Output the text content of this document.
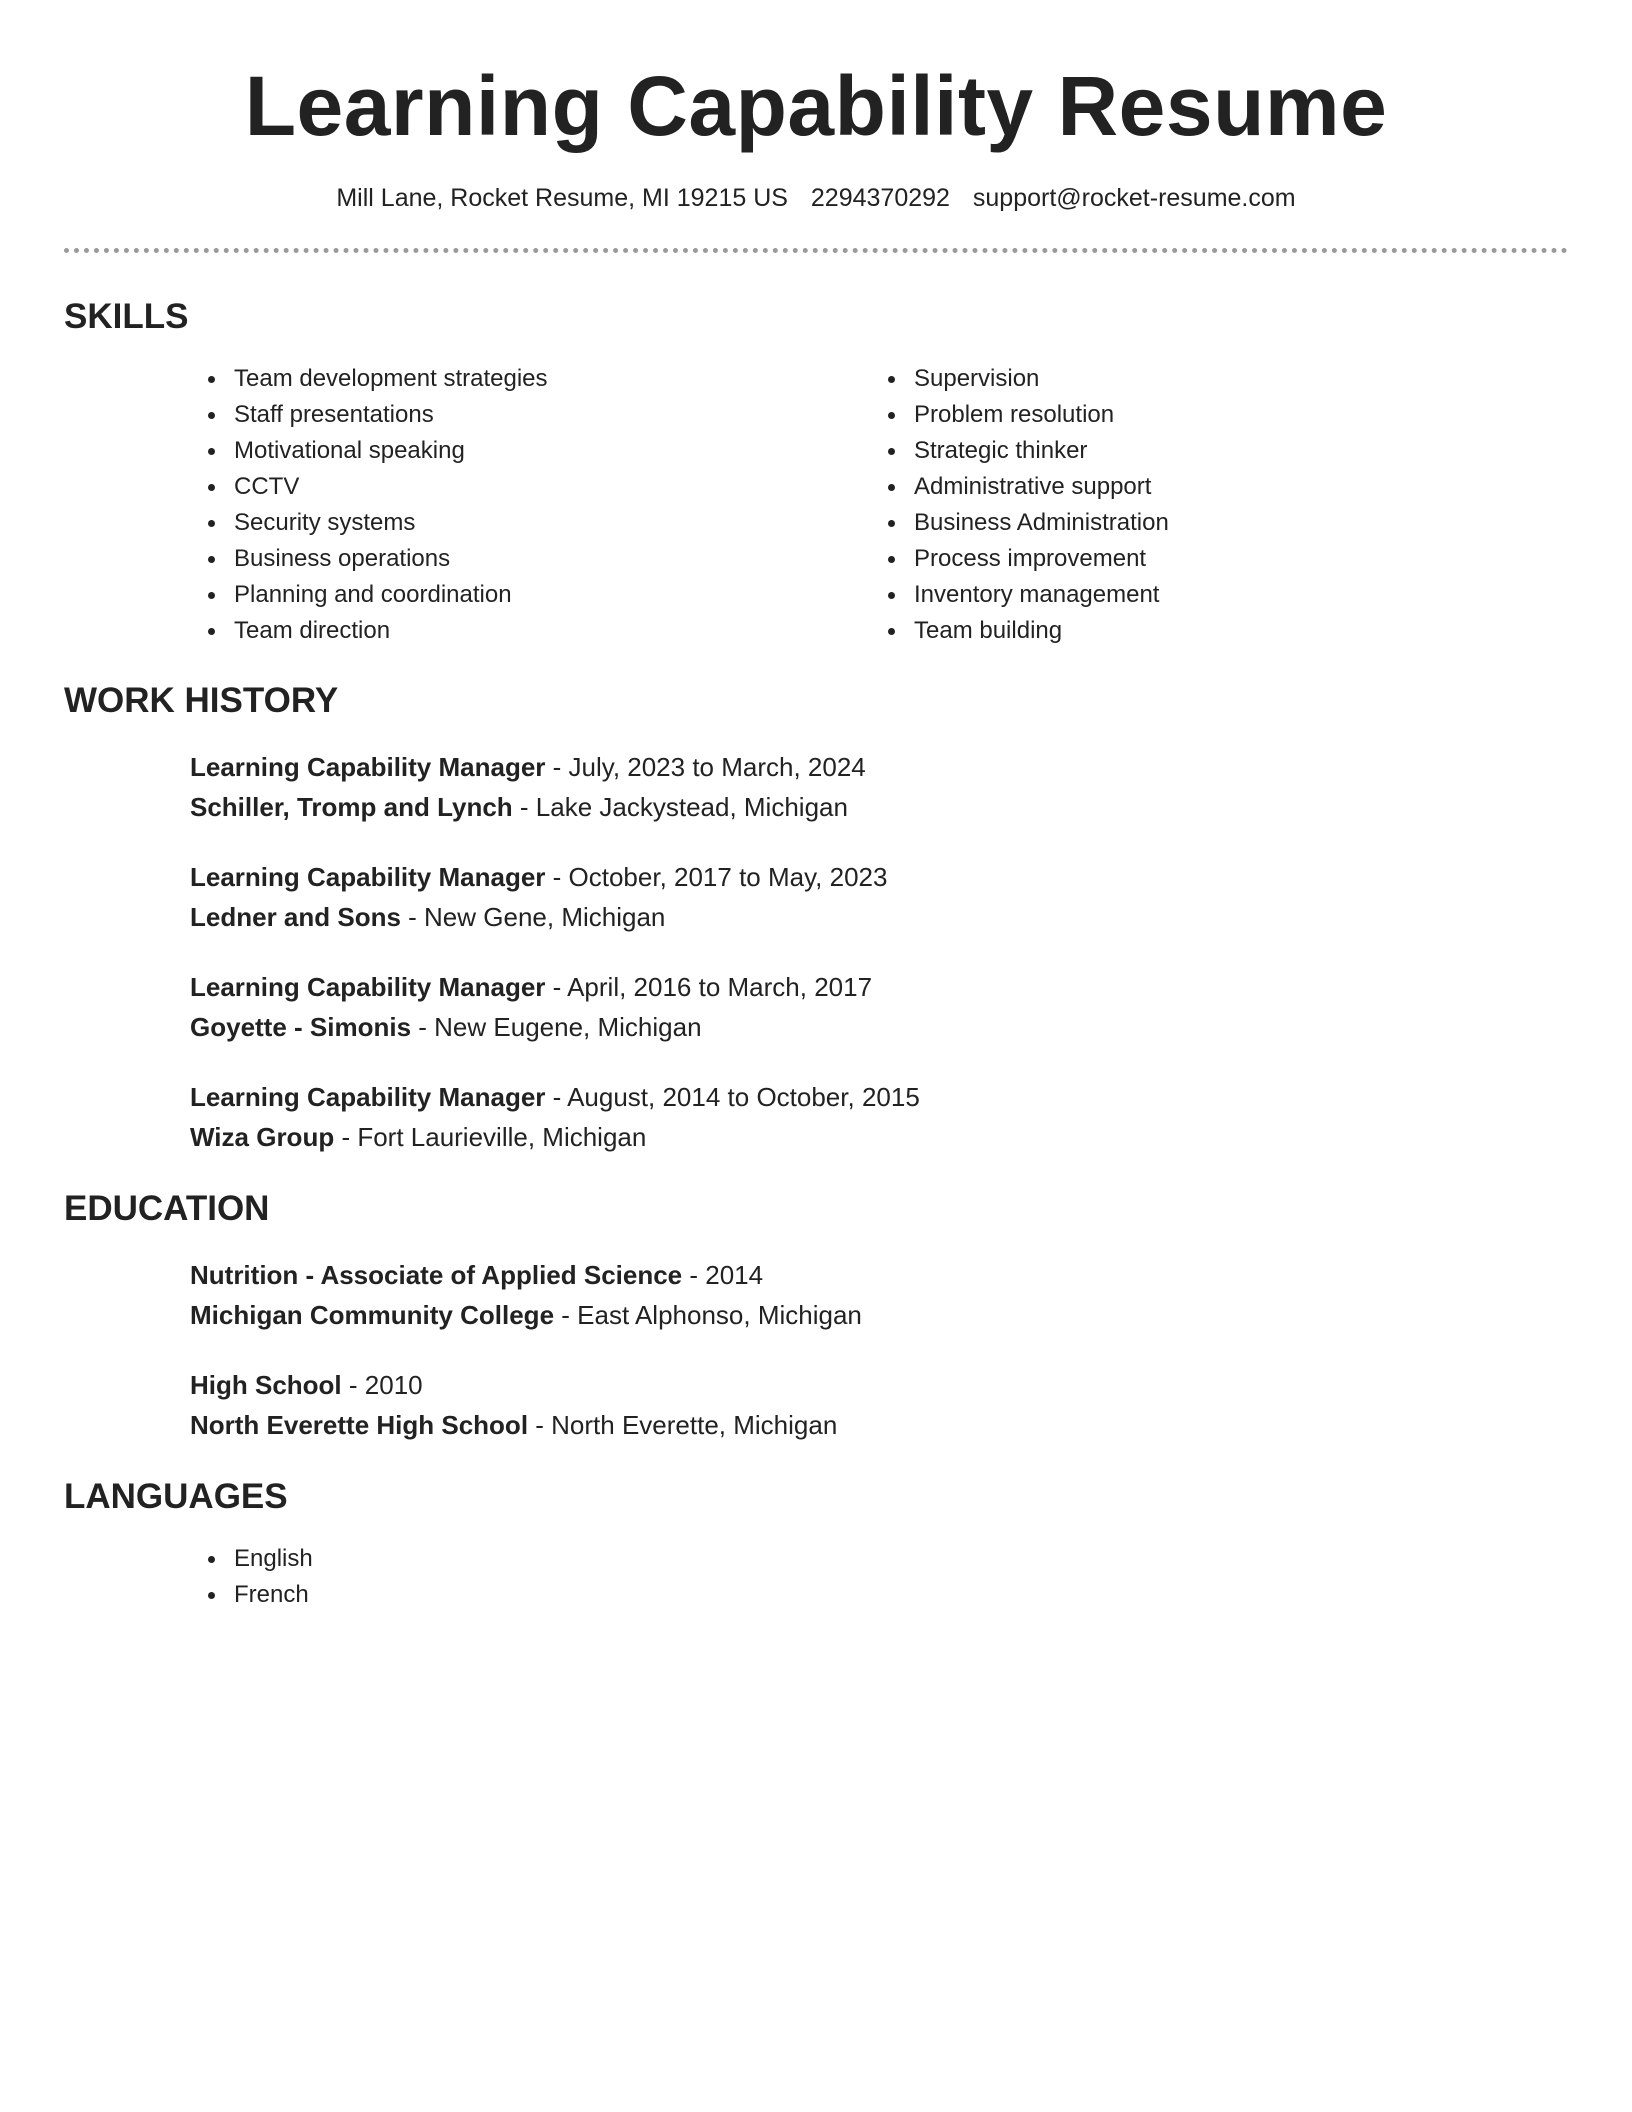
Learning Capability Resume
Mill Lane, Rocket Resume, MI 19215 US 2294370292 support@rocket-resume.com
SKILLS
Team development strategies
Staff presentations
Motivational speaking
CCTV
Security systems
Business operations
Planning and coordination
Team direction
Supervision
Problem resolution
Strategic thinker
Administrative support
Business Administration
Process improvement
Inventory management
Team building
WORK HISTORY
Learning Capability Manager - July, 2023 to March, 2024
Schiller, Tromp and Lynch - Lake Jackystead, Michigan
Learning Capability Manager - October, 2017 to May, 2023
Ledner and Sons - New Gene, Michigan
Learning Capability Manager - April, 2016 to March, 2017
Goyette - Simonis - New Eugene, Michigan
Learning Capability Manager - August, 2014 to October, 2015
Wiza Group - Fort Laurieville, Michigan
EDUCATION
Nutrition - Associate of Applied Science - 2014
Michigan Community College - East Alphonso, Michigan
High School - 2010
North Everette High School - North Everette, Michigan
LANGUAGES
English
French
